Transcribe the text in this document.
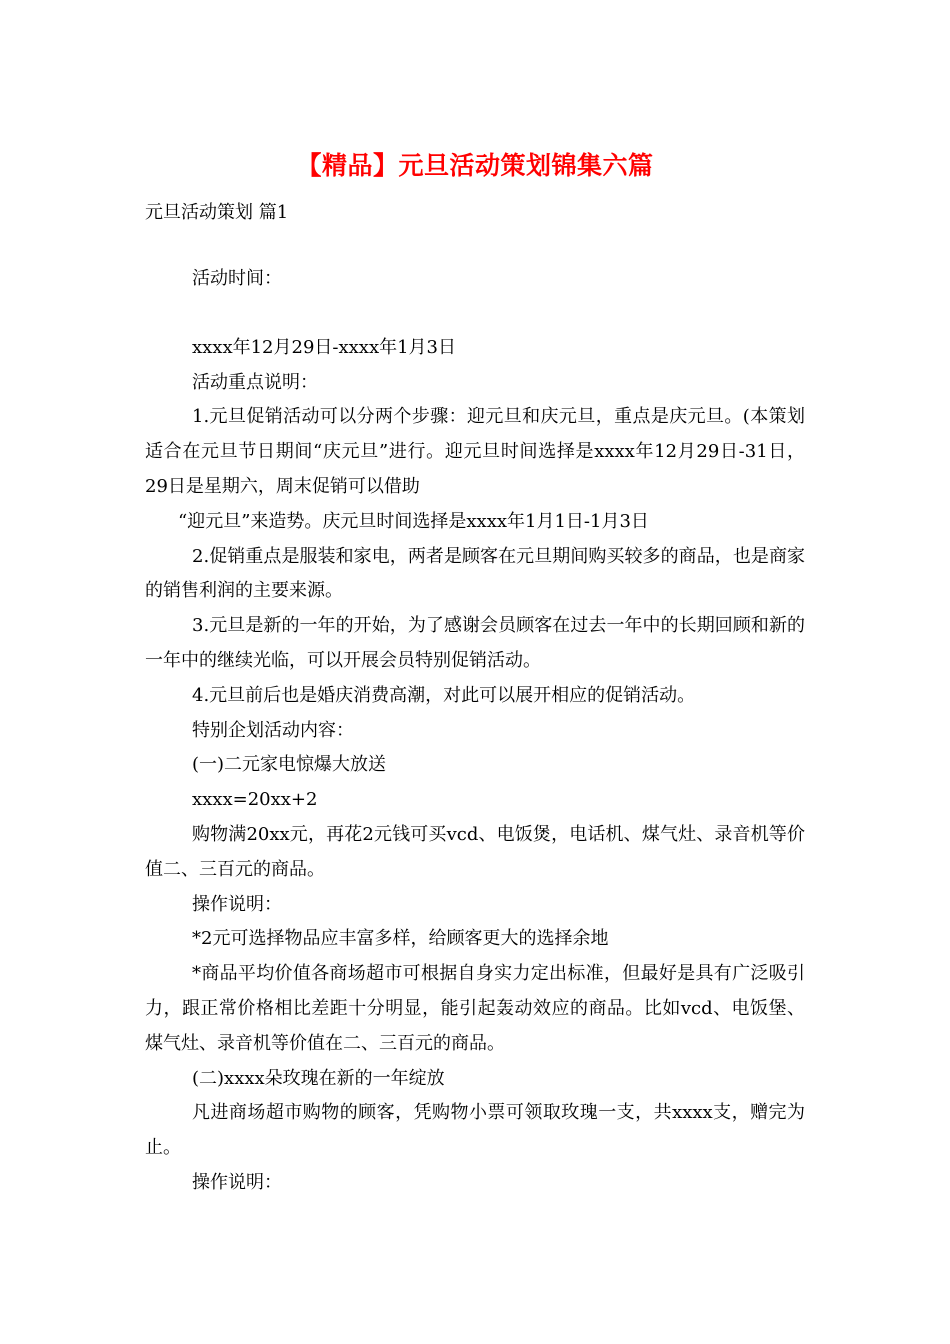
【精品】元旦活动策划锦集六篇
元旦活动策划 篇1

活动时间：

xxxx年12月29日-xxxx年1月3日

活动重点说明：

1.元旦促销活动可以分两个步骤：迎元旦和庆元旦，重点是庆元旦。(本策划适合在元旦节日期间“庆元旦”进行。迎元旦时间选择是xxxx年12月29日-31日，29日是星期六，周末促销可以借助

“迎元旦”来造势。庆元旦时间选择是xxxx年1月1日-1月3日

2.促销重点是服装和家电，两者是顾客在元旦期间购买较多的商品，也是商家的销售利润的主要来源。

3.元旦是新的一年的开始，为了感谢会员顾客在过去一年中的长期回顾和新的一年中的继续光临，可以开展会员特别促销活动。

4.元旦前后也是婚庆消费高潮，对此可以展开相应的促销活动。

特别企划活动内容：

(一)二元家电惊爆大放送

xxxx=20xx+2

购物满20xx元，再花2元钱可买vcd、电饭煲，电话机、煤气灶、录音机等价值二、三百元的商品。

操作说明：

*2元可选择物品应丰富多样，给顾客更大的选择余地

*商品平均价值各商场超市可根据自身实力定出标准，但最好是具有广泛吸引力，跟正常价格相比差距十分明显，能引起轰动效应的商品。比如vcd、电饭堡、煤气灶、录音机等价值在二、三百元的商品。

(二)xxxx朵玫瑰在新的一年绽放

凡进商场超市购物的顾客，凭购物小票可领取玫瑰一支，共xxxx支，赠完为止。

操作说明：
